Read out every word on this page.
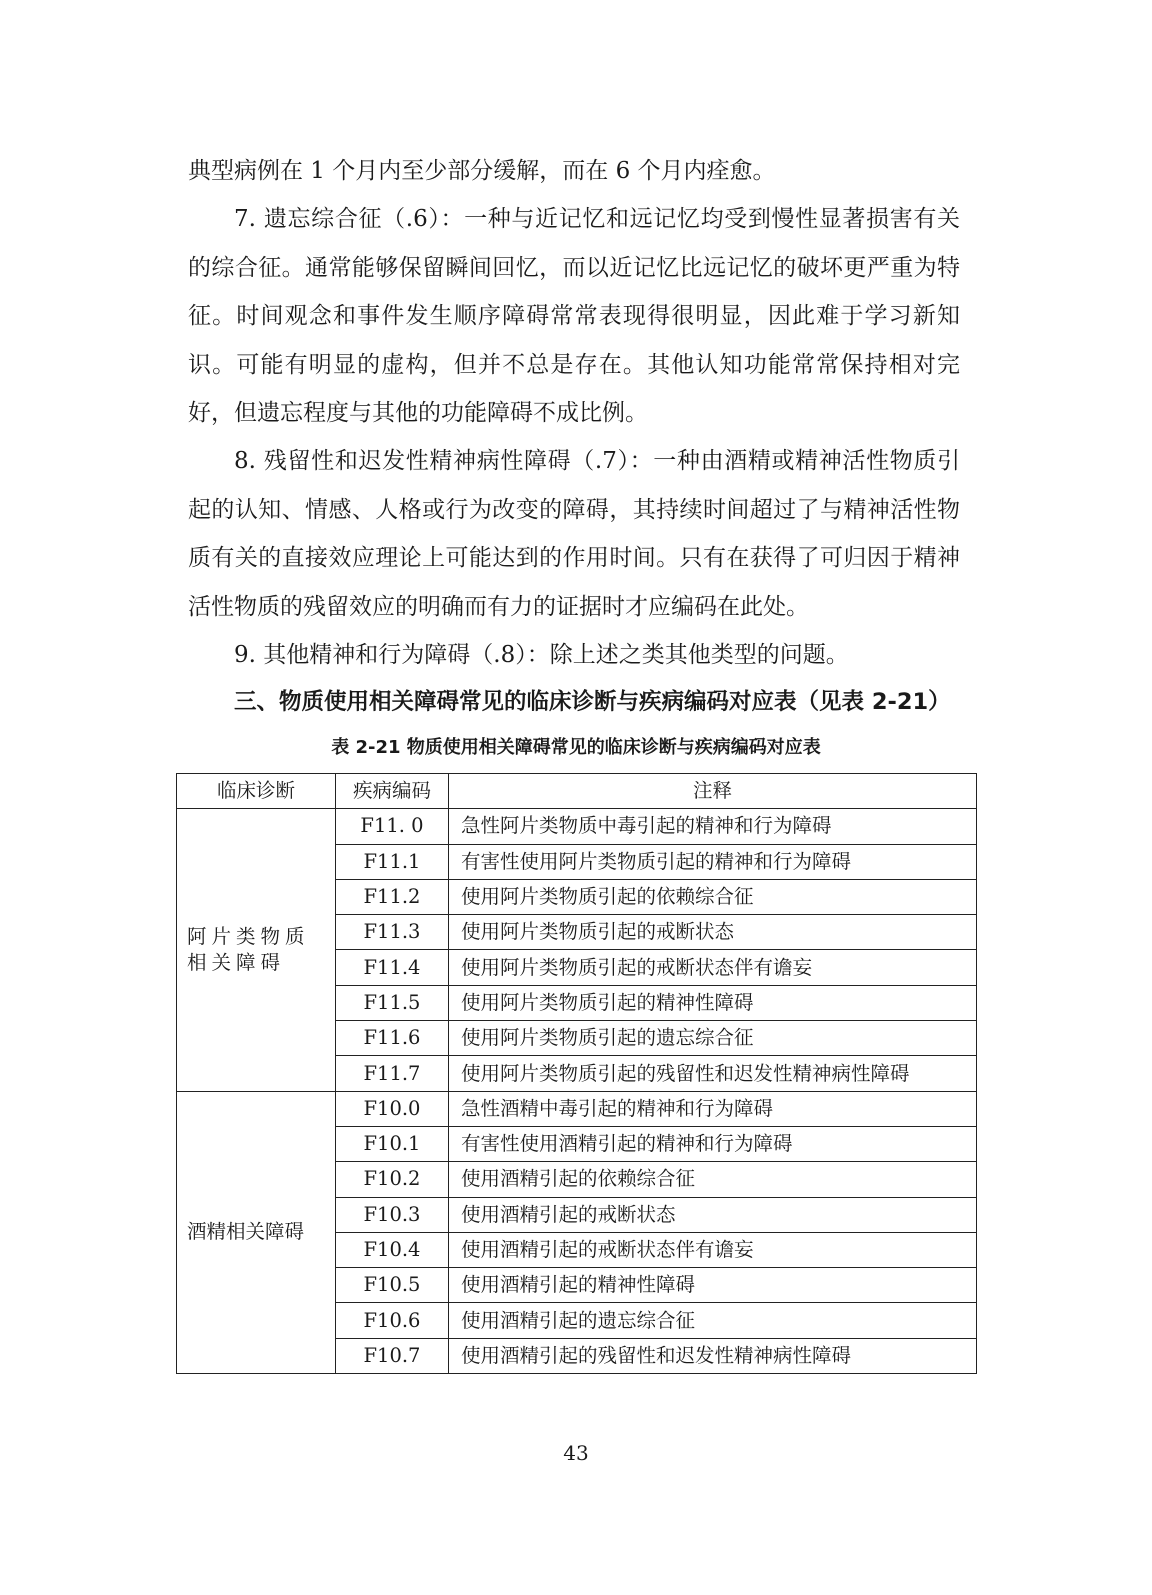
典型病例在 1 个月内至少部分缓解，而在 6 个月内痊愈。

7. 遗忘综合征（.6）：一种与近记忆和远记忆均受到慢性显著损害有关的综合征。通常能够保留瞬间回忆，而以近记忆比远记忆的破坏更严重为特征。时间观念和事件发生顺序障碍常常表现得很明显，因此难于学习新知识。可能有明显的虚构，但并不总是存在。其他认知功能常常保持相对完好，但遗忘程度与其他的功能障碍不成比例。

8. 残留性和迟发性精神病性障碍（.7）：一种由酒精或精神活性物质引起的认知、情感、人格或行为改变的障碍，其持续时间超过了与精神活性物质有关的直接效应理论上可能达到的作用时间。只有在获得了可归因于精神活性物质的残留效应的明确而有力的证据时才应编码在此处。

9. 其他精神和行为障碍（.8）：除上述之类其他类型的问题。

三、物质使用相关障碍常见的临床诊断与疾病编码对应表（见表 2-21）
表 2-21 物质使用相关障碍常见的临床诊断与疾病编码对应表
临床诊断	疾病编码	注释
阿片类物质相关障碍	F11. 0	急性阿片类物质中毒引起的精神和行为障碍
	F11.1	有害性使用阿片类物质引起的精神和行为障碍
	F11.2	使用阿片类物质引起的依赖综合征
	F11.3	使用阿片类物质引起的戒断状态
	F11.4	使用阿片类物质引起的戒断状态伴有谵妄
	F11.5	使用阿片类物质引起的精神性障碍
	F11.6	使用阿片类物质引起的遗忘综合征
	F11.7	使用阿片类物质引起的残留性和迟发性精神病性障碍
酒精相关障碍	F10.0	急性酒精中毒引起的精神和行为障碍
	F10.1	有害性使用酒精引起的精神和行为障碍
	F10.2	使用酒精引起的依赖综合征
	F10.3	使用酒精引起的戒断状态
	F10.4	使用酒精引起的戒断状态伴有谵妄
	F10.5	使用酒精引起的精神性障碍
	F10.6	使用酒精引起的遗忘综合征
	F10.7	使用酒精引起的残留性和迟发性精神病性障碍
43
